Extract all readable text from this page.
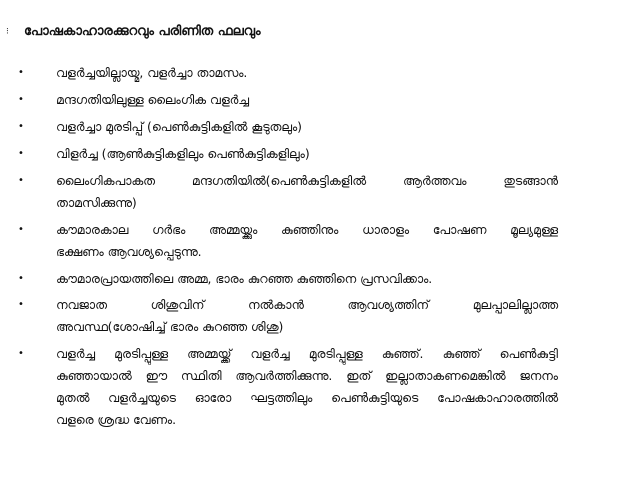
⁝	പോഷകാഹാരക്കുറവും പരിണിത ഫലവും
•	വളര്‍ച്ചയില്ലായ്മ, വളര്‍ച്ചാ താമസം.
•	മന്ദഗതിയിലുള്ള ലൈംഗിക വളര്‍ച്ച
•	വളര്‍ച്ചാ മുരടിപ്പ് (പെണ്‍കുട്ടികളില്‍ കൂടുതലും)
•	വിളര്‍ച്ച (ആണ്‍കുട്ടികളിലും പെണ്‍കുട്ടികളിലും)
•	ലൈംഗികപാകത മന്ദഗതിയില്‍(പെണ്‍കുട്ടികളില്‍ ആര്‍ത്തവം തുടങ്ങാന്‍
താമസിക്കുന്നു)
•	കൗമാരകാല ഗര്‍ഭം അമ്മയ്ക്കും കുഞ്ഞിനും ധാരാളം പോഷണ മൂല്യമുള്ള
ഭക്ഷണം ആവശ്യപ്പെടുന്നു.
•	കൗമാരപ്രായത്തിലെ അമ്മ, ഭാരം കുറഞ്ഞ കുഞ്ഞിനെ പ്രസവിക്കാം.
•	നവജാത ശിശുവിന് നല്‍കാന്‍ ആവശ്യത്തിന് മുലപ്പാലില്ലാത്ത
അവസ്ഥ(ശോഷിച്ച് ഭാരം കുറഞ്ഞ ശിശു)
•	വളര്‍ച്ച മുരടിപ്പുള്ള അമ്മയ്ക്ക് വളര്‍ച്ച മുരടിപ്പുള്ള കുഞ്ഞ്. കുഞ്ഞ് പെണ്‍കുട്ടി
കുഞ്ഞായാല്‍ ഈ സ്ഥിതി ആവര്‍ത്തിക്കുന്നു. ഇത് ഇല്ലാതാകണമെങ്കില്‍ ജനനം
മുതല്‍ വളര്‍ച്ചയുടെ ഓരോ ഘട്ടത്തിലും പെണ്‍കുട്ടിയുടെ പോഷകാഹാരത്തില്‍
വളരെ ശ്രദ്ധ വേണം.
